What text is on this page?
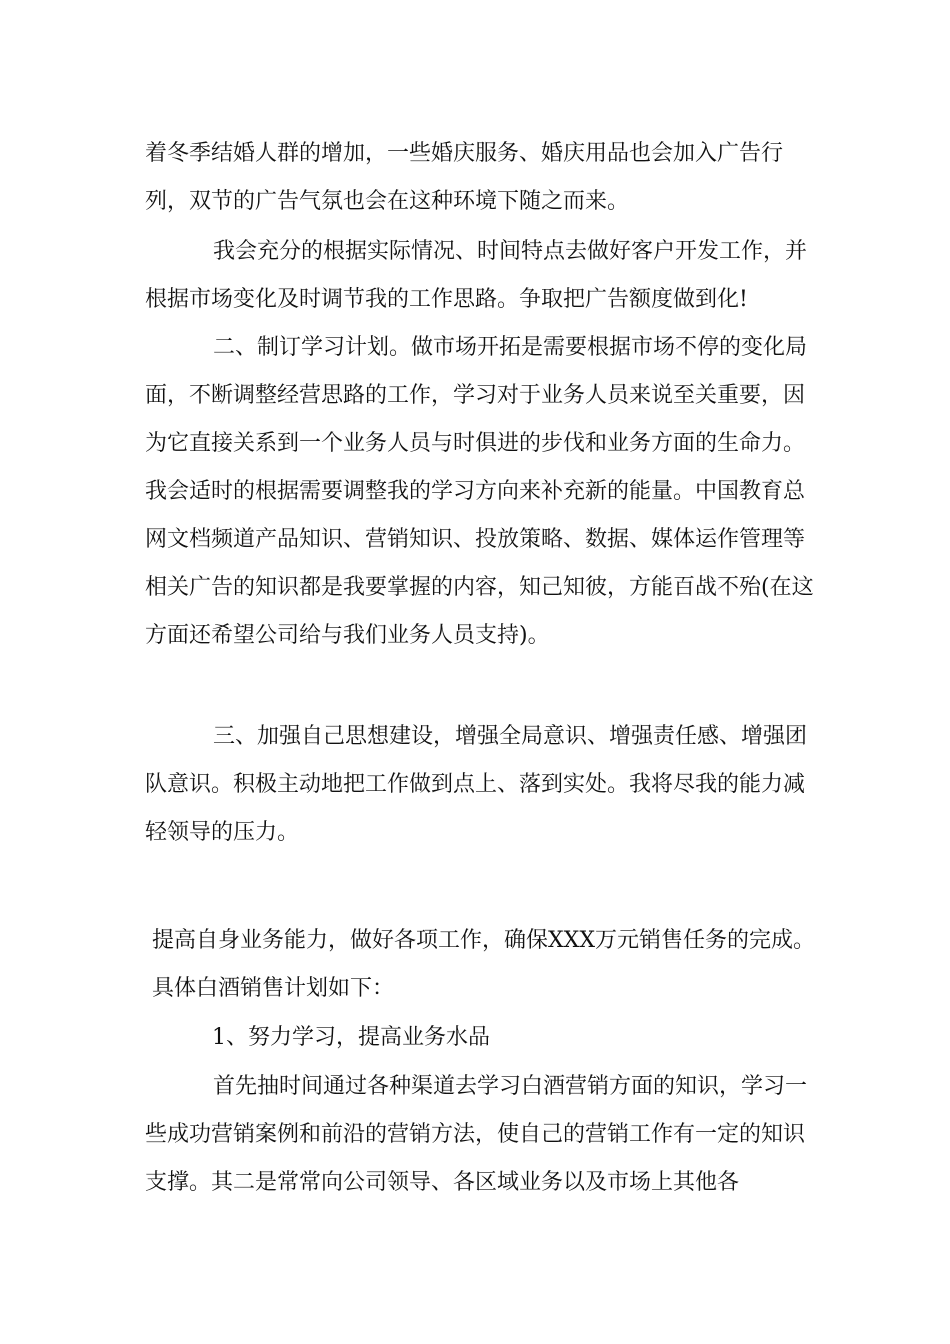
着冬季结婚人群的增加，一些婚庆服务、婚庆用品也会加入广告行列，双节的广告气氛也会在这种环境下随之而来。

我会充分的根据实际情况、时间特点去做好客户开发工作，并根据市场变化及时调节我的工作思路。争取把广告额度做到化!

二、制订学习计划。做市场开拓是需要根据市场不停的变化局面，不断调整经营思路的工作，学习对于业务人员来说至关重要，因为它直接关系到一个业务人员与时俱进的步伐和业务方面的生命力。我会适时的根据需要调整我的学习方向来补充新的能量。中国教育总网文档频道产品知识、营销知识、投放策略、数据、媒体运作管理等相关广告的知识都是我要掌握的内容，知己知彼，方能百战不殆(在这方面还希望公司给与我们业务人员支持)。

三、加强自己思想建设，增强全局意识、增强责任感、增强团队意识。积极主动地把工作做到点上、落到实处。我将尽我的能力减轻领导的压力。

提高自身业务能力，做好各项工作，确保XXX万元销售任务的完成。具体白酒销售计划如下：

1、努力学习，提高业务水品

首先抽时间通过各种渠道去学习白酒营销方面的知识，学习一些成功营销案例和前沿的营销方法，使自己的营销工作有一定的知识支撑。其二是常常向公司领导、各区域业务以及市场上其他各
